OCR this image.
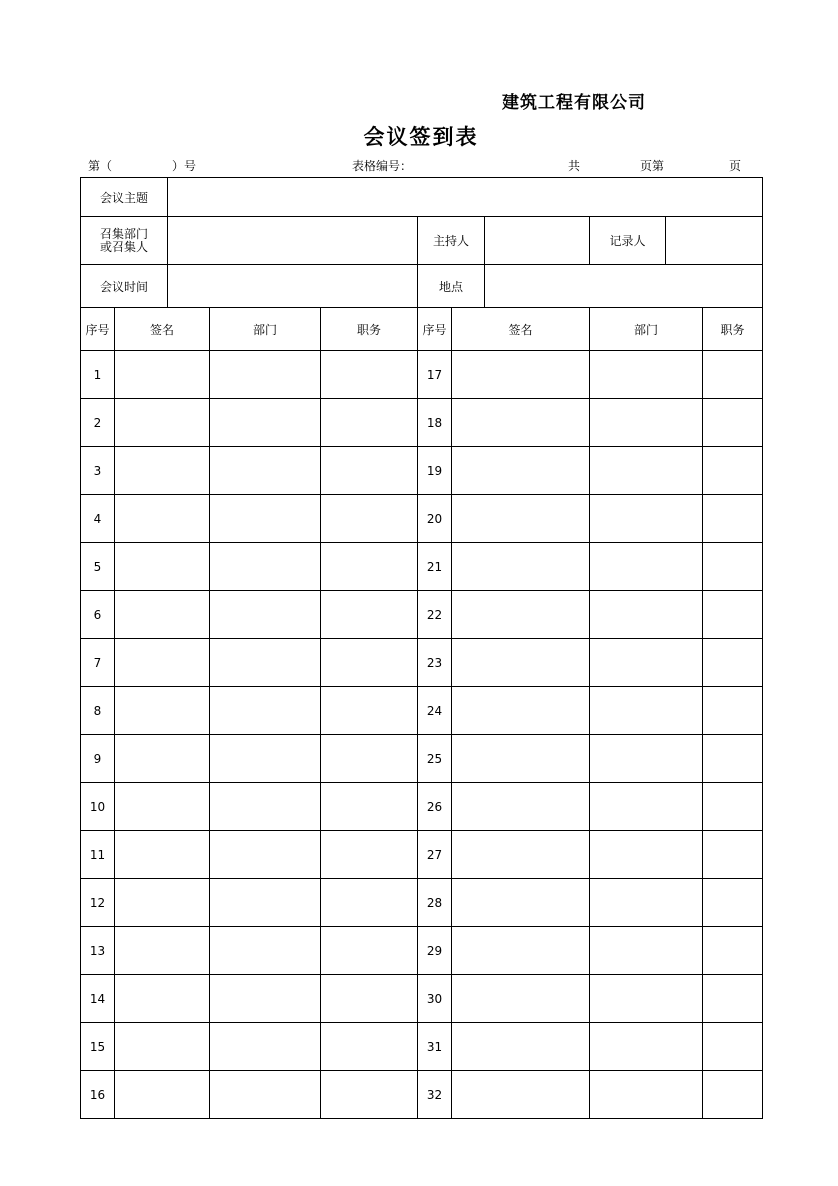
建筑工程有限公司
会议签到表
第（	）号	表格编号：	共	页第	页
会议主题										
召集部门
或召集人					主持人			记录人		
会议时间					地点					
序号	签名		部门	职务	序号	签名		部门		职务
1					17					
2					18					
3					19					
4					20					
5					21					
6					22					
7					23					
8					24					
9					25					
10					26					
11					27					
12					28					
13					29					
14					30					
15					31					
16					32					
